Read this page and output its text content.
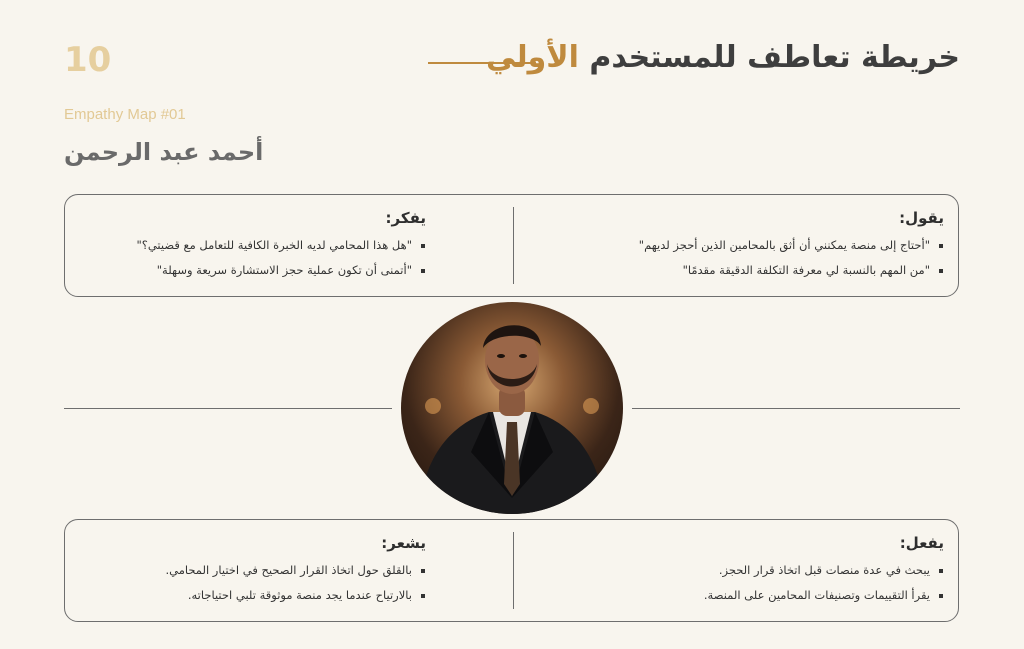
10	خريطة تعاطف للمستخدم الأولي

Empathy Map #01

أحمد عبد الرحمن
يقول:
"أحتاج إلى منصة يمكنني أن أثق بالمحامين الذين أحجز لديهم"
"من المهم بالنسبة لي معرفة التكلفة الدقيقة مقدمًا"
يفكر:
"هل هذا المحامي لديه الخبرة الكافية للتعامل مع قضيتي؟"
"أتمنى أن تكون عملية حجز الاستشارة سريعة وسهلة"
يفعل:
يبحث في عدة منصات قبل اتخاذ قرار الحجز.
يقرأ التقييمات وتصنيفات المحامين على المنصة.
يشعر:
بالقلق حول اتخاذ القرار الصحيح في اختيار المحامي.
بالارتياح عندما يجد منصة موثوقة تلبي احتياجاته.
